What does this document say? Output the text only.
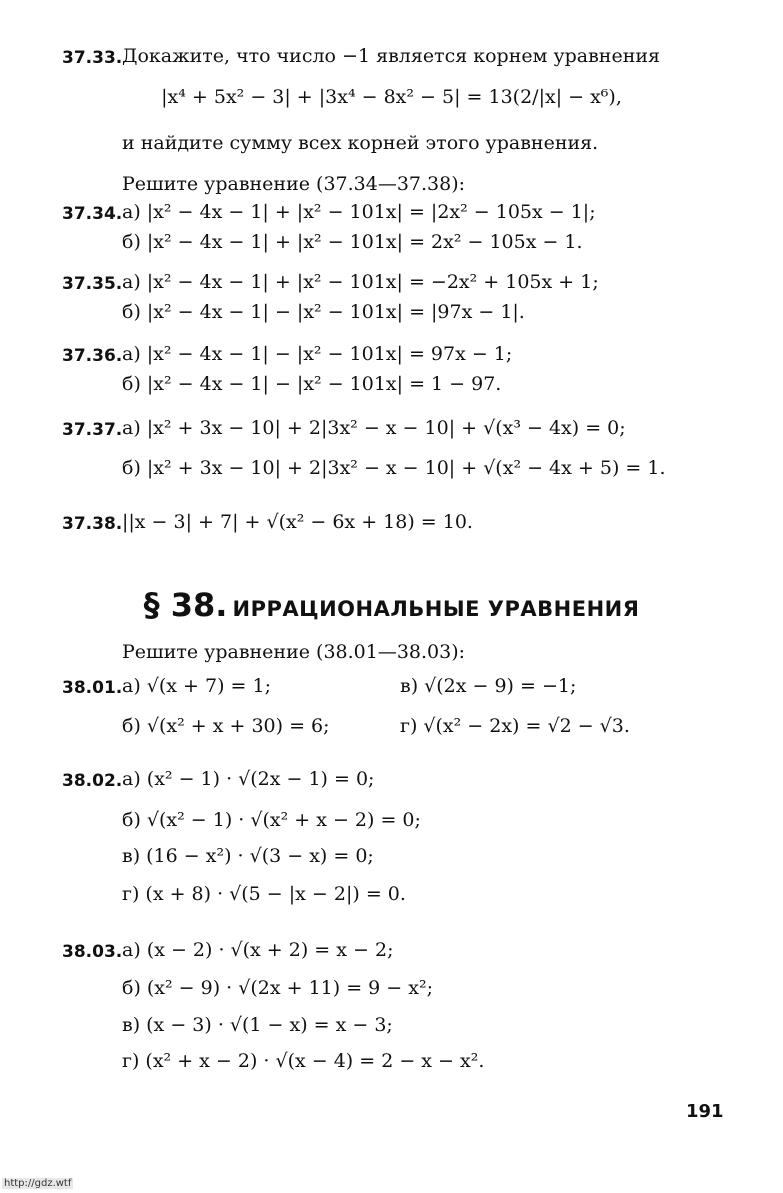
37.33. Докажите, что число −1 является корнем уравнения
|x⁴ + 5x² − 3| + |3x⁴ − 8x² − 5| = 13(2/|x| − x⁶),
и найдите сумму всех корней этого уравнения.
Решите уравнение (37.34—37.38):
37.34. а) |x² − 4x − 1| + |x² − 101x| = |2x² − 105x − 1|;
б) |x² − 4x − 1| + |x² − 101x| = 2x² − 105x − 1.
37.35. а) |x² − 4x − 1| + |x² − 101x| = −2x² + 105x + 1;
б) |x² − 4x − 1| − |x² − 101x| = |97x − 1|.
37.36. а) |x² − 4x − 1| − |x² − 101x| = 97x − 1;
б) |x² − 4x − 1| − |x² − 101x| = 1 − 97.
37.37. а) |x² + 3x − 10| + 2|3x² − x − 10| + √(x³ − 4x) = 0;
б) |x² + 3x − 10| + 2|3x² − x − 10| + √(x² − 4x + 5) = 1.
37.38. ||x − 3| + 7| + √(x² − 6x + 18) = 10.
§ 38. ИРРАЦИОНАЛЬНЫЕ УРАВНЕНИЯ
Решите уравнение (38.01—38.03):
38.01. а) √(x + 7) = 1;	в) √(2x − 9) = −1;
б) √(x² + x + 30) = 6;	г) √(x² − 2x) = √2 − √3.
38.02. а) (x² − 1) · √(2x − 1) = 0;
б) √(x² − 1) · √(x² + x − 2) = 0;
в) (16 − x²) · √(3 − x) = 0;
г) (x + 8) · √(5 − |x − 2|) = 0.
38.03. а) (x − 2) · √(x + 2) = x − 2;
б) (x² − 9) · √(2x + 11) = 9 − x²;
в) (x − 3) · √(1 − x) = x − 3;
г) (x² + x − 2) · √(x − 4) = 2 − x − x².
191
http://gdz.wtf
